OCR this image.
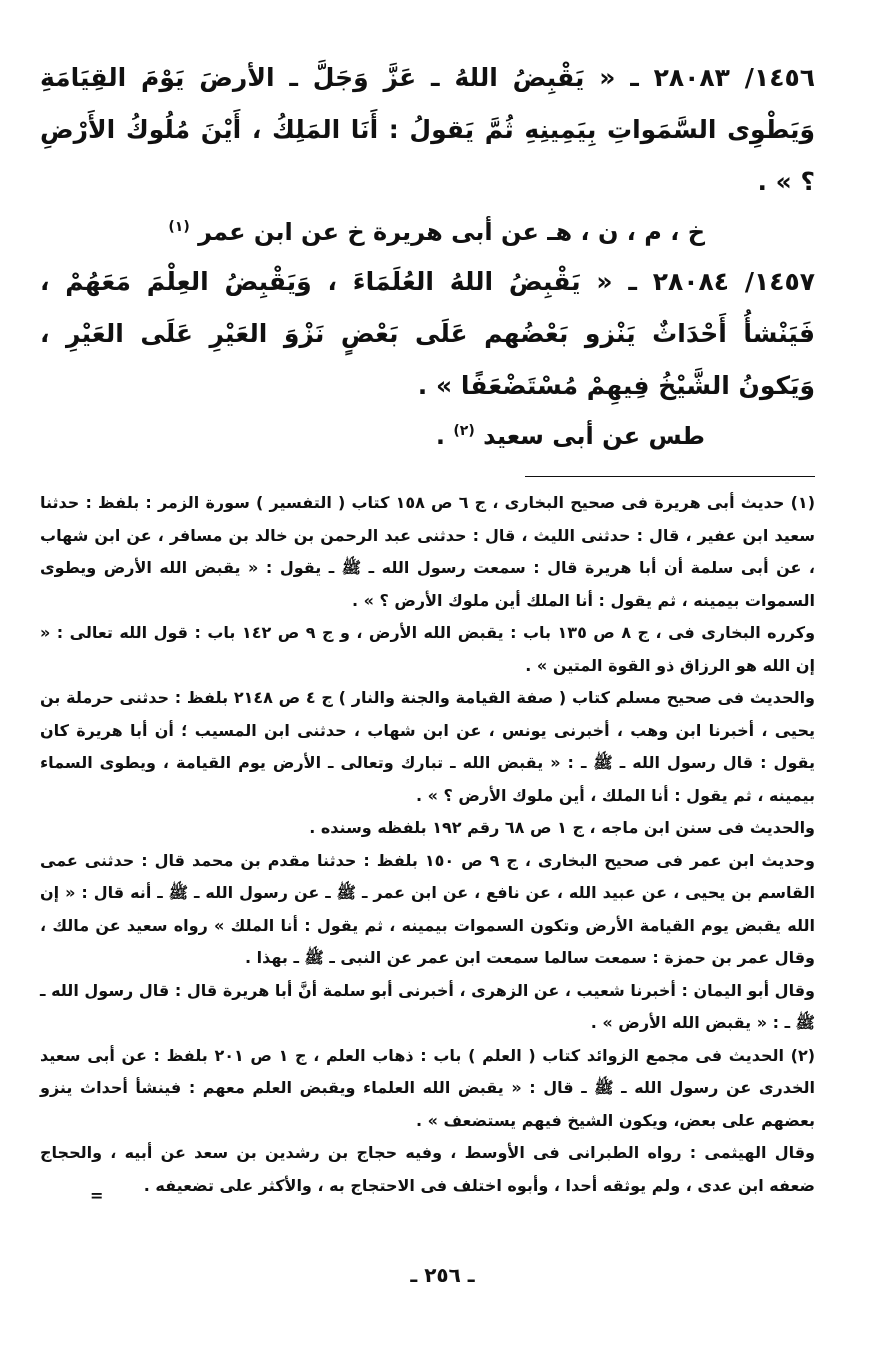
١٤٥٦/ ٢٨٠٨٣ ـ « يَقْبِضُ اللهُ ـ عَزَّ وَجَلَّ ـ الأرضَ يَوْمَ القِيَامَةِ وَيَطْوِى السَّمَواتِ بِيَمِينِهِ ثُمَّ يَقولُ : أَنَا المَلِكُ ، أَيْنَ مُلُوكُ الأَرْضِ ؟ » .

خ ، م ، ن ، هـ عن أبى هريرة خ عن ابن عمر $^{(١)}$

١٤٥٧/ ٢٨٠٨٤ ـ « يَقْبِضُ اللهُ العُلَمَاءَ ، وَيَقْبِضُ العِلْمَ مَعَهُمْ ، فَيَنْشأُ أَحْدَاثٌ يَنْزو بَعْضُهم عَلَى بَعْضٍ نَزْوَ العَيْرِ عَلَى العَيْرِ ، وَيَكونُ الشَّيْخُ فِيهِمْ مُسْتَضْعَفًا » .

طس عن أبى سعيد $^{(٢)}$ .

(١) حديث أبى هريرة فى صحيح البخارى ، ج ٦ ص ١٥٨ كتاب ( التفسير ) سورة الزمر : بلفظ : حدثنا سعيد ابن عفير ، قال : حدثنى الليث ، قال : حدثنى عبد الرحمن بن خالد بن مسافر ، عن ابن شهاب ، عن أبى سلمة أن أبا هريرة قال : سمعت رسول الله ـ ﷺ ـ يقول : « يقبض الله الأرض ويطوى السموات بيمينه ، ثم يقول : أنا الملك أين ملوك الأرض ؟ » .

وكرره البخارى فى ، ج ٨ ص ١٣٥ باب : يقبض الله الأرض ، و ج ٩ ص ١٤٢ باب : قول الله تعالى : « إن الله هو الرزاق ذو القوة المتين » .

والحديث فى صحيح مسلم كتاب ( صفة القيامة والجنة والنار ) ج ٤ ص ٢١٤٨ بلفظ : حدثنى حرملة بن يحيى ، أخبرنا ابن وهب ، أخبرنى يونس ، عن ابن شهاب ، حدثنى ابن المسيب ؛ أن أبا هريرة كان يقول : قال رسول الله ـ ﷺ ـ : « يقبض الله ـ تبارك وتعالى ـ الأرض يوم القيامة ، ويطوى السماء بيمينه ، ثم يقول : أنا الملك ، أين ملوك الأرض ؟ » .

والحديث فى سنن ابن ماجه ، ج ١ ص ٦٨ رقم ١٩٢ بلفظه وسنده .

وحديث ابن عمر فى صحيح البخارى ، ج ٩ ص ١٥٠ بلفظ : حدثنا مقدم بن محمد قال : حدثنى عمى القاسم بن يحيى ، عن عبيد الله ، عن نافع ، عن ابن عمر ـ ﷺ ـ عن رسول الله ـ ﷺ ـ أنه قال : « إن الله يقبض يوم القيامة الأرض وتكون السموات بيمينه ، ثم يقول : أنا الملك » رواه سعيد عن مالك ، وقال عمر بن حمزة : سمعت سالما سمعت ابن عمر عن النبى ـ ﷺ ـ بهذا .

وقال أبو اليمان : أخبرنا شعيب ، عن الزهرى ، أخبرنى أبو سلمة أنَّ أبا هريرة قال : قال رسول الله ـ ﷺ ـ : « يقبض الله الأرض » .

(٢) الحديث فى مجمع الزوائد كتاب ( العلم ) باب : ذهاب العلم ، ج ١ ص ٢٠١ بلفظ : عن أبى سعيد الخدرى عن رسول الله ـ ﷺ ـ قال : « يقبض الله العلماء ويقبض العلم معهم : فينشأ أحداث ينزو بعضهم على بعض، ويكون الشيخ فيهم يستضعف » .

وقال الهيثمى : رواه الطبرانى فى الأوسط ، وفيه حجاج بن رشدين بن سعد عن أبيه ، والحجاج ضعفه ابن عدى ، ولم يوثقه أحدا ، وأبوه اختلف فى الاحتجاج به ، والأكثر على تضعيفه .

=
ـ ٢٥٦ ـ
